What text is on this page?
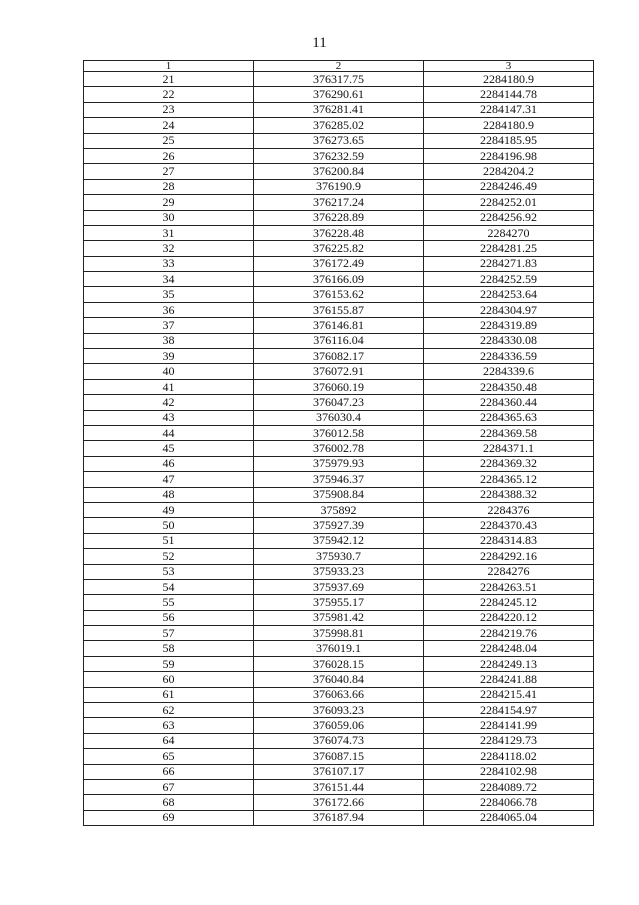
11
1	2	3
21	376317.75	2284180.9
22	376290.61	2284144.78
23	376281.41	2284147.31
24	376285.02	2284180.9
25	376273.65	2284185.95
26	376232.59	2284196.98
27	376200.84	2284204.2
28	376190.9	2284246.49
29	376217.24	2284252.01
30	376228.89	2284256.92
31	376228.48	2284270
32	376225.82	2284281.25
33	376172.49	2284271.83
34	376166.09	2284252.59
35	376153.62	2284253.64
36	376155.87	2284304.97
37	376146.81	2284319.89
38	376116.04	2284330.08
39	376082.17	2284336.59
40	376072.91	2284339.6
41	376060.19	2284350.48
42	376047.23	2284360.44
43	376030.4	2284365.63
44	376012.58	2284369.58
45	376002.78	2284371.1
46	375979.93	2284369.32
47	375946.37	2284365.12
48	375908.84	2284388.32
49	375892	2284376
50	375927.39	2284370.43
51	375942.12	2284314.83
52	375930.7	2284292.16
53	375933.23	2284276
54	375937.69	2284263.51
55	375955.17	2284245.12
56	375981.42	2284220.12
57	375998.81	2284219.76
58	376019.1	2284248.04
59	376028.15	2284249.13
60	376040.84	2284241.88
61	376063.66	2284215.41
62	376093.23	2284154.97
63	376059.06	2284141.99
64	376074.73	2284129.73
65	376087.15	2284118.02
66	376107.17	2284102.98
67	376151.44	2284089.72
68	376172.66	2284066.78
69	376187.94	2284065.04
